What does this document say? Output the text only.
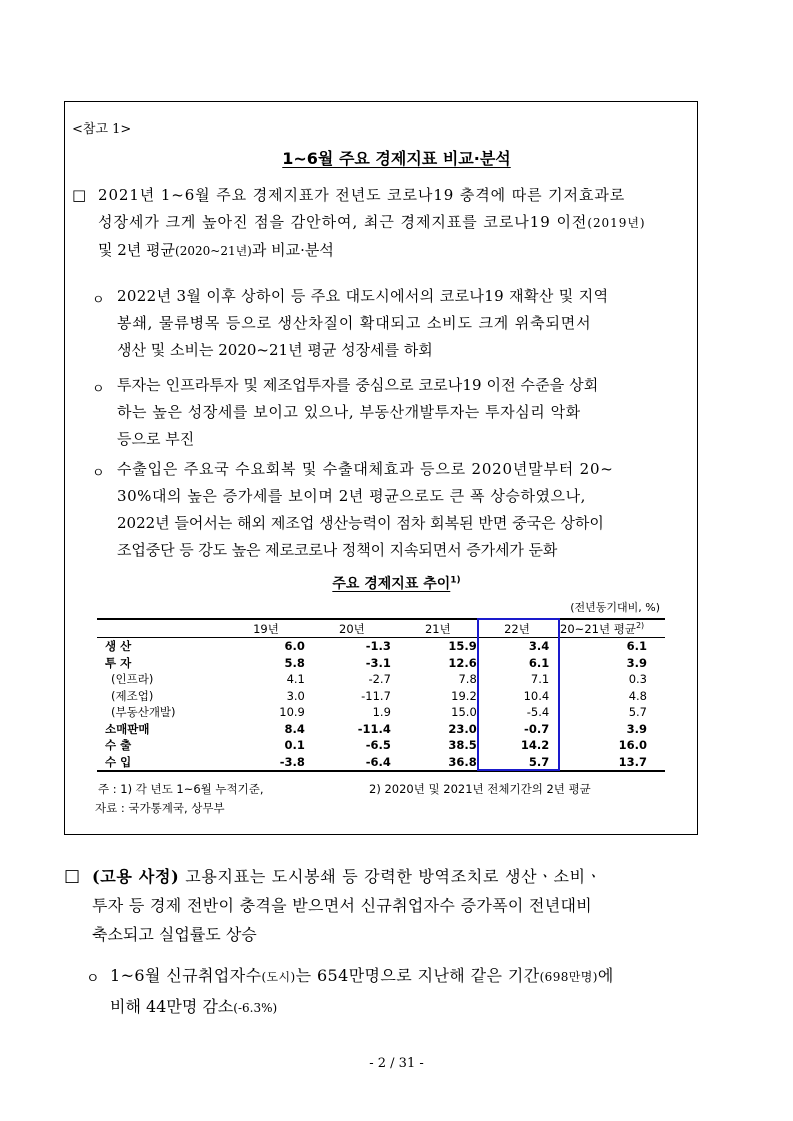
<참고 1>
1~6월 주요 경제지표 비교·분석
□ 2021년 1~6월 주요 경제지표가 전년도 코로나19 충격에 따른 기저효과로
성장세가 크게 높아진 점을 감안하여, 최근 경제지표를 코로나19 이전(2019년)
및 2년 평균(2020~21년)과 비교·분석
ㅇ 2022년 3월 이후 상하이 등 주요 대도시에서의 코로나19 재확산 및 지역
봉쇄, 물류병목 등으로 생산차질이 확대되고 소비도 크게 위축되면서
생산 및 소비는 2020~21년 평균 성장세를 하회
ㅇ 투자는 인프라투자 및 제조업투자를 중심으로 코로나19 이전 수준을 상회
하는 높은 성장세를 보이고 있으나, 부동산개발투자는 투자심리 악화
등으로 부진
ㅇ 수출입은 주요국 수요회복 및 수출대체효과 등으로 2020년말부터 20~
30%대의 높은 증가세를 보이며 2년 평균으로도 큰 폭 상승하였으나,
2022년 들어서는 해외 제조업 생산능력이 점차 회복된 반면 중국은 상하이
조업중단 등 강도 높은 제로코로나 정책이 지속되면서 증가세가 둔화
주요 경제지표 추이$^{1)}$
(전년동기대비, %)
	19년	20년	21년	22년	20~21년 평균$^{2)}$
생 산	6.0	-1.3	15.9	3.4	6.1
투 자	5.8	-3.1	12.6	6.1	3.9
(인프라)	4.1	-2.7	7.8	7.1	0.3
(제조업)	3.0	-11.7	19.2	10.4	4.8
(부동산개발)	10.9	1.9	15.0	-5.4	5.7
소매판매	8.4	-11.4	23.0	-0.7	3.9
수 출	0.1	-6.5	38.5	14.2	16.0
수 입	-3.8	-6.4	36.8	5.7	13.7
주 : 1) 각 년도 1~6월 누적기준,	2) 2020년 및 2021년 전체기간의 2년 평균
자료 : 국가통계국, 상무부
□ (고용 사정) 고용지표는 도시봉쇄 등 강력한 방역조치로 생산ㆍ소비ㆍ
투자 등 경제 전반이 충격을 받으면서 신규취업자수 증가폭이 전년대비
축소되고 실업률도 상승
ㅇ 1~6월 신규취업자수(도시)는 654만명으로 지난해 같은 기간(698만명)에
비해 44만명 감소(-6.3%)
- 2 / 31 -
